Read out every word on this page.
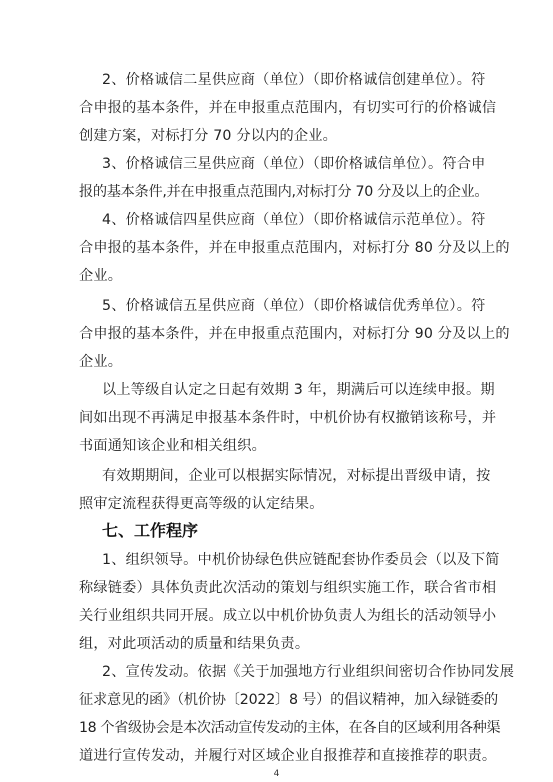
2、价格诚信二星供应商（单位）（即价格诚信创建单位）。符
合申报的基本条件，并在申报重点范围内，有切实可行的价格诚信
创建方案，对标打分 70 分以内的企业。
3、价格诚信三星供应商（单位）（即价格诚信单位）。符合申
报的基本条件,并在申报重点范围内,对标打分 70 分及以上的企业。
4、价格诚信四星供应商（单位）（即价格诚信示范单位）。符
合申报的基本条件，并在申报重点范围内，对标打分 80 分及以上的
企业。
5、价格诚信五星供应商（单位）（即价格诚信优秀单位）。符
合申报的基本条件，并在申报重点范围内，对标打分 90 分及以上的
企业。
以上等级自认定之日起有效期 3 年，期满后可以连续申报。期
间如出现不再满足申报基本条件时，中机价协有权撤销该称号，并
书面通知该企业和相关组织。
有效期期间，企业可以根据实际情况，对标提出晋级申请，按
照审定流程获得更高等级的认定结果。
七、工作程序
1、组织领导。中机价协绿色供应链配套协作委员会（以及下简
称绿链委）具体负责此次活动的策划与组织实施工作，联合省市相
关行业组织共同开展。成立以中机价协负责人为组长的活动领导小
组，对此项活动的质量和结果负责。
2、宣传发动。依据《关于加强地方行业组织间密切合作协同发展
征求意见的函》（机价协〔2022〕8 号）的倡议精神，加入绿链委的
18 个省级协会是本次活动宣传发动的主体，在各自的区域利用各种渠
道进行宣传发动，并履行对区域企业自报推荐和直接推荐的职责。
4
